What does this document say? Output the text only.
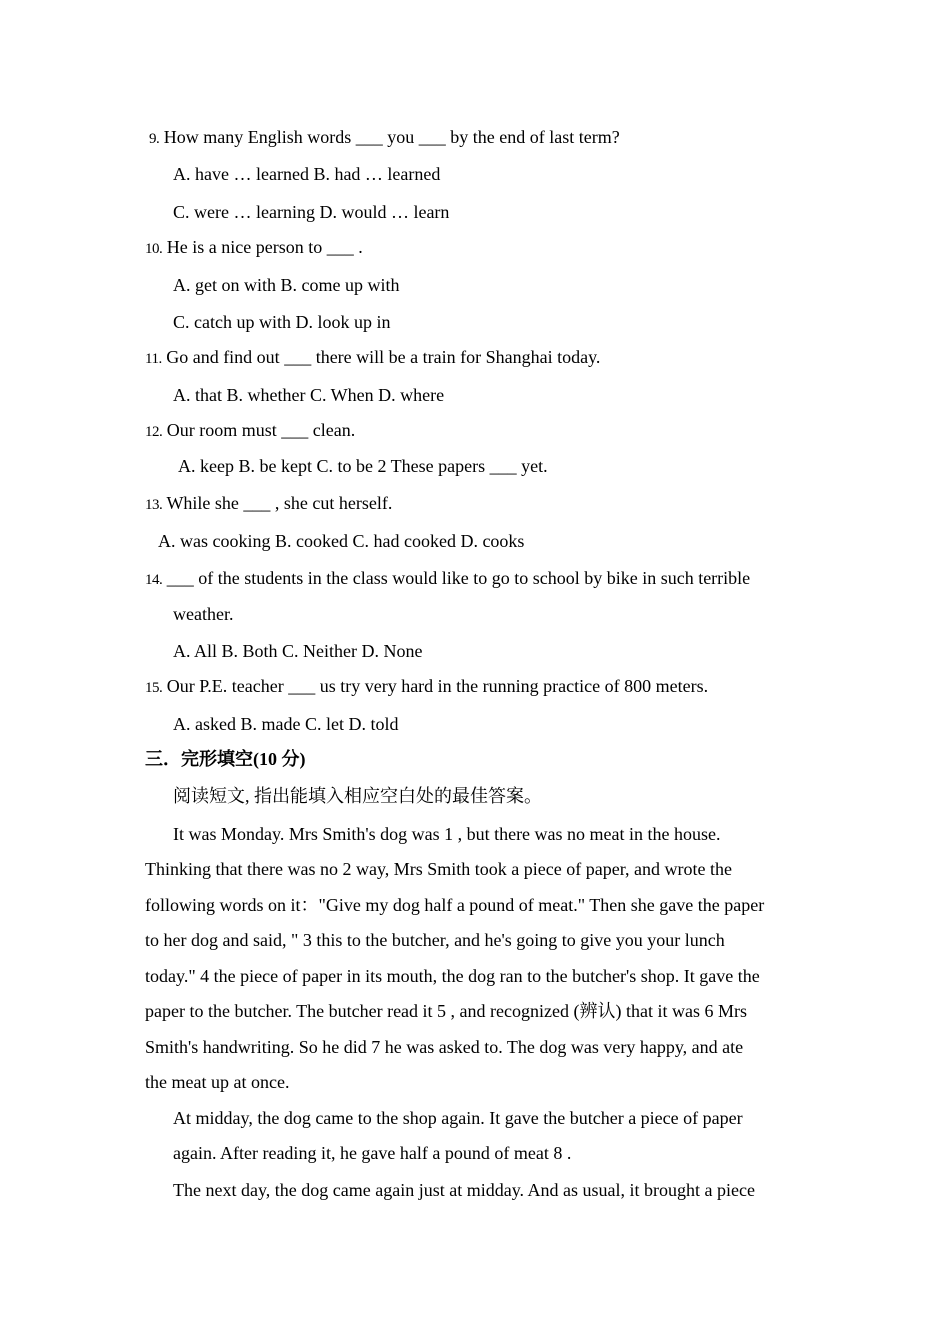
9. How many English words ___ you ___ by the end of last term?
A. have … learned B. had … learned
C. were … learning D. would … learn
10. He is a nice person to ___ .
A. get on with B. come up with
C. catch up with D. look up in
11. Go and find out ___ there will be a train for Shanghai today.
A. that B. whether C. When D. where
12. Our room must ___ clean.
A. keep B. be kept C. to be 2 These papers ___ yet.
13. While she ___ , she cut herself.
A. was cooking B. cooked C. had cooked D. cooks
14. ___ of the students in the class would like to go to school by bike in such terrible
weather.
A. All B. Both C. Neither D. None
15. Our P.E. teacher ___ us try very hard in the running practice of 800 meters.
A. asked B. made C. let D. told
三．完形填空(10 分)
阅读短文, 指出能填入相应空白处的最佳答案。
It was Monday. Mrs Smith's dog was 1 , but there was no meat in the house.
Thinking that there was no 2 way, Mrs Smith took a piece of paper, and wrote the
following words on it："Give my dog half a pound of meat." Then she gave the paper
to her dog and said, " 3 this to the butcher, and he's going to give you your lunch
today." 4 the piece of paper in its mouth, the dog ran to the butcher's shop. It gave the
paper to the butcher. The butcher read it 5 , and recognized (辨认) that it was 6 Mrs
Smith's handwriting. So he did 7 he was asked to. The dog was very happy, and ate
the meat up at once.
At midday, the dog came to the shop again. It gave the butcher a piece of paper
again. After reading it, he gave half a pound of meat 8 .
The next day, the dog came again just at midday. And as usual, it brought a piece
